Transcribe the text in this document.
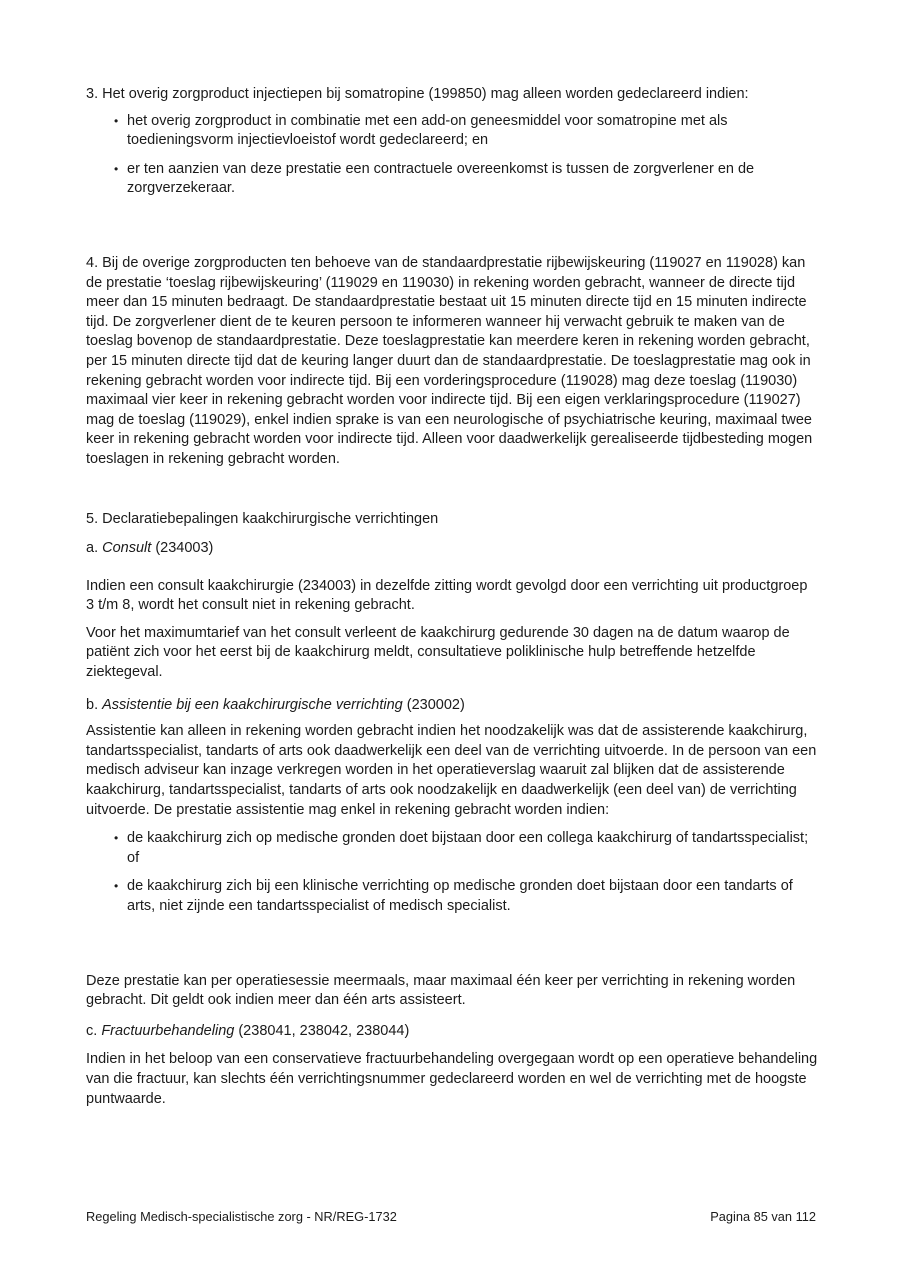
3. Het overig zorgproduct injectiepen bij somatropine (199850) mag alleen worden gedeclareerd indien:

• het overig zorgproduct in combinatie met een add-on geneesmiddel voor somatropine met als toedieningsvorm injectievloeistof wordt gedeclareerd; en
• er ten aanzien van deze prestatie een contractuele overeenkomst is tussen de zorgverlener en de zorgverzekeraar.

4. Bij de overige zorgproducten ten behoeve van de standaardprestatie rijbewijskeuring (119027 en 119028) kan de prestatie ‘toeslag rijbewijskeuring’ (119029 en 119030) in rekening worden gebracht, wanneer de directe tijd meer dan 15 minuten bedraagt. De standaardprestatie bestaat uit 15 minuten directe tijd en 15 minuten indirecte tijd. De zorgverlener dient de te keuren persoon te informeren wanneer hij verwacht gebruik te maken van de toeslag bovenop de standaardprestatie. Deze toeslagprestatie kan meerdere keren in rekening worden gebracht, per 15 minuten directe tijd dat de keuring langer duurt dan de standaardprestatie. De toeslagprestatie mag ook in rekening gebracht worden voor indirecte tijd. Bij een vorderingsprocedure (119028) mag deze toeslag (119030) maximaal vier keer in rekening gebracht worden voor indirecte tijd. Bij een eigen verklaringsprocedure (119027) mag de toeslag (119029), enkel indien sprake is van een neurologische of psychiatrische keuring, maximaal twee keer in rekening gebracht worden voor indirecte tijd. Alleen voor daadwerkelijk gerealiseerde tijdbesteding mogen toeslagen in rekening gebracht worden.

5. Declaratiebepalingen kaakchirurgische verrichtingen

a. Consult (234003)

Indien een consult kaakchirurgie (234003) in dezelfde zitting wordt gevolgd door een verrichting uit productgroep 3 t/m 8, wordt het consult niet in rekening gebracht.

Voor het maximumtarief van het consult verleent de kaakchirurg gedurende 30 dagen na de datum waarop de patiënt zich voor het eerst bij de kaakchirurg meldt, consultatieve poliklinische hulp betreffende hetzelfde ziektegeval.

b. Assistentie bij een kaakchirurgische verrichting (230002)

Assistentie kan alleen in rekening worden gebracht indien het noodzakelijk was dat de assisterende kaakchirurg, tandartsspecialist, tandarts of arts ook daadwerkelijk een deel van de verrichting uitvoerde. In de persoon van een medisch adviseur kan inzage verkregen worden in het operatieverslag waaruit zal blijken dat de assisterende kaakchirurg, tandartsspecialist, tandarts of arts ook noodzakelijk en daadwerkelijk (een deel van) de verrichting uitvoerde. De prestatie assistentie mag enkel in rekening gebracht worden indien:

• de kaakchirurg zich op medische gronden doet bijstaan door een collega kaakchirurg of tandartsspecialist; of
• de kaakchirurg zich bij een klinische verrichting op medische gronden doet bijstaan door een tandarts of arts, niet zijnde een tandartsspecialist of medisch specialist.

Deze prestatie kan per operatiesessie meermaals, maar maximaal één keer per verrichting in rekening worden gebracht. Dit geldt ook indien meer dan één arts assisteert.

c. Fractuurbehandeling (238041, 238042, 238044)

Indien in het beloop van een conservatieve fractuurbehandeling overgegaan wordt op een operatieve behandeling van die fractuur, kan slechts één verrichtingsnummer gedeclareerd worden en wel de verrichting met de hoogste puntwaarde.

Regeling Medisch-specialistische zorg - NR/REG-1732	Pagina 85 van 112
